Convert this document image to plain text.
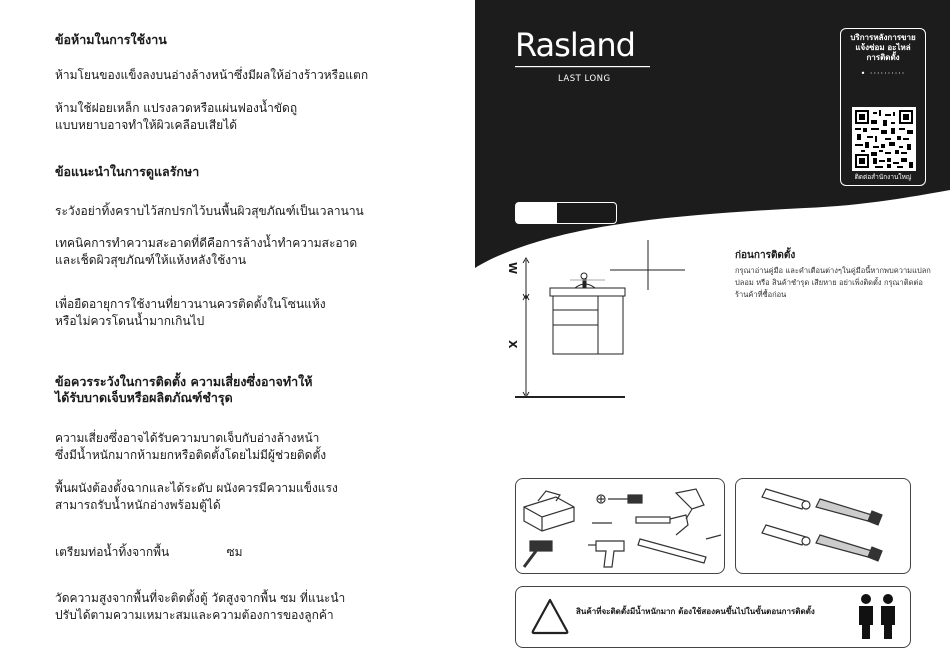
ข้อห้ามในการใช้งาน
ห้ามโยนของแข็งลงบนอ่างล้างหน้าซึ่งมีผลให้อ่างร้าวหรือแตก
ห้ามใช้ฝอยเหล็ก แปรงลวดหรือแผ่นฟองน้ำขัดถู
แบบหยาบอาจทำให้ผิวเคลือบเสียได้
ข้อแนะนำในการดูแลรักษา
ระวังอย่าทิ้งคราบไว้สกปรกไว้บนพื้นผิวสุขภัณฑ์เป็นเวลานาน
เทคนิคการทำความสะอาดที่ดีคือการล้างน้ำทำความสะอาด
และเช็ดผิวสุขภัณฑ์ให้แห้งหลังใช้งาน
เพื่อยืดอายุการใช้งานที่ยาวนานควรติดตั้งในโซนแห้ง
หรือไม่ควรโดนน้ำมากเกินไป
ข้อควรระวังในการติดตั้ง ความเสี่ยงซึ่งอาจทำให้
ได้รับบาดเจ็บหรือผลิตภัณฑ์ชำรุด
ความเสี่ยงซึ่งอาจได้รับความบาดเจ็บกับอ่างล้างหน้า
ซึ่งมีน้ำหนักมากห้ามยกหรือติดตั้งโดยไม่มีผู้ช่วยติดตั้ง
พื้นผนังต้องตั้งฉากและได้ระดับ ผนังควรมีความแข็งแรง
สามารถรับน้ำหนักอ่างพร้อมตู้ได้
เตรียมท่อน้ำทิ้งจากพื้น               ซม
วัดความสูงจากพื้นที่จะติดตั้งตู้ วัดสูงจากพื้น ซม ที่แนะนำ
ปรับได้ตามความเหมาะสมและความต้องการของลูกค้า
Rasland
LAST LONG
บริการหลังการขาย
แจ้งซ่อม อะไหล่
การติดตั้ง
• ··········
ติดต่อสำนักงานใหญ่
W
X
ก่อนการติดตั้ง
กรุณาอ่านคู่มือ และคำเตือนต่างๆในคู่มือนี้หากพบความแปลกปลอม หรือ สินค้าชำรุด เสียหาย อย่าเพิ่งติดตั้ง กรุณาติดต่อร้านค้าที่ซื้อก่อน
สินค้าที่จะติดตั้งมีน้ำหนักมาก ต้องใช้สองคนขึ้นไปในขั้นตอนการติดตั้ง
